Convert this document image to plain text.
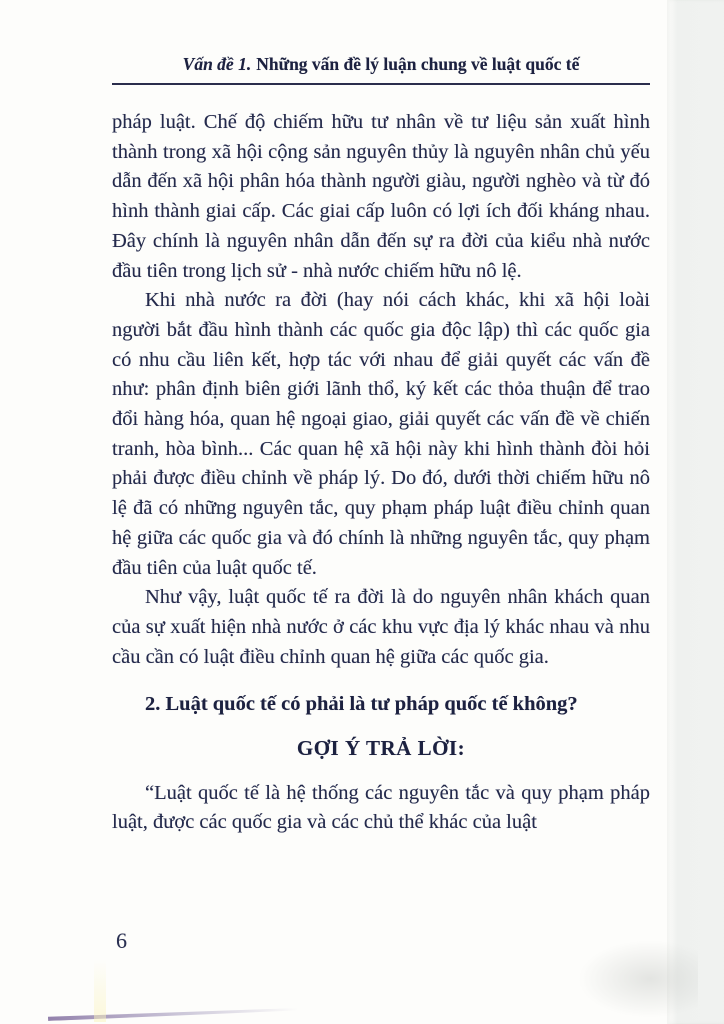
Vấn đề 1. Những vấn đề lý luận chung về luật quốc tế

pháp luật. Chế độ chiếm hữu tư nhân về tư liệu sản xuất hình thành trong xã hội cộng sản nguyên thủy là nguyên nhân chủ yếu dẫn đến xã hội phân hóa thành người giàu, người nghèo và từ đó hình thành giai cấp. Các giai cấp luôn có lợi ích đối kháng nhau. Đây chính là nguyên nhân dẫn đến sự ra đời của kiểu nhà nước đầu tiên trong lịch sử - nhà nước chiếm hữu nô lệ.

Khi nhà nước ra đời (hay nói cách khác, khi xã hội loài người bắt đầu hình thành các quốc gia độc lập) thì các quốc gia có nhu cầu liên kết, hợp tác với nhau để giải quyết các vấn đề như: phân định biên giới lãnh thổ, ký kết các thỏa thuận để trao đổi hàng hóa, quan hệ ngoại giao, giải quyết các vấn đề về chiến tranh, hòa bình... Các quan hệ xã hội này khi hình thành đòi hỏi phải được điều chỉnh về pháp lý. Do đó, dưới thời chiếm hữu nô lệ đã có những nguyên tắc, quy phạm pháp luật điều chỉnh quan hệ giữa các quốc gia và đó chính là những nguyên tắc, quy phạm đầu tiên của luật quốc tế.

Như vậy, luật quốc tế ra đời là do nguyên nhân khách quan của sự xuất hiện nhà nước ở các khu vực địa lý khác nhau và nhu cầu cần có luật điều chỉnh quan hệ giữa các quốc gia.

2. Luật quốc tế có phải là tư pháp quốc tế không?

GỢI Ý TRẢ LỜI:

“Luật quốc tế là hệ thống các nguyên tắc và quy phạm pháp luật, được các quốc gia và các chủ thể khác của luật

6
